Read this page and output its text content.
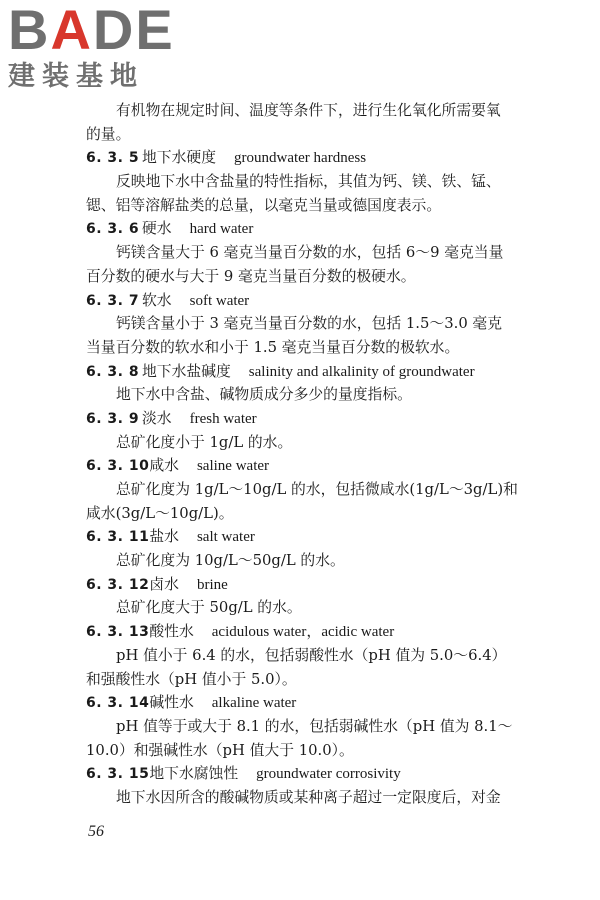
BADE
建装基地
有机物在规定时间、温度等条件下，进行生化氧化所需要氧
的量。
6. 3. 5 地下水硬度 groundwater hardness
反映地下水中含盐量的特性指标，其值为钙、镁、铁、锰、
锶、铝等溶解盐类的总量，以毫克当量或德国度表示。
6. 3. 6 硬水 hard water
钙镁含量大于 6 毫克当量百分数的水，包括 6～9 毫克当量
百分数的硬水与大于 9 毫克当量百分数的极硬水。
6. 3. 7 软水 soft water
钙镁含量小于 3 毫克当量百分数的水，包括 1.5～3.0 毫克
当量百分数的软水和小于 1.5 毫克当量百分数的极软水。
6. 3. 8 地下水盐碱度 salinity and alkalinity of groundwater
地下水中含盐、碱物质成分多少的量度指标。
6. 3. 9 淡水 fresh water
总矿化度小于 1g/L 的水。
6. 3. 10咸水 saline water
总矿化度为 1g/L～10g/L 的水，包括微咸水(1g/L～3g/L)和
咸水(3g/L～10g/L)。
6. 3. 11盐水 salt water
总矿化度为 10g/L～50g/L 的水。
6. 3. 12卤水 brine
总矿化度大于 50g/L 的水。
6. 3. 13酸性水 acidulous water，acidic water
pH 值小于 6.4 的水，包括弱酸性水（pH 值为 5.0～6.4）
和强酸性水（pH 值小于 5.0）。
6. 3. 14碱性水 alkaline water
pH 值等于或大于 8.1 的水，包括弱碱性水（pH 值为 8.1～
10.0）和强碱性水（pH 值大于 10.0）。
6. 3. 15地下水腐蚀性 groundwater corrosivity
地下水因所含的酸碱物质或某种离子超过一定限度后，对金
56
